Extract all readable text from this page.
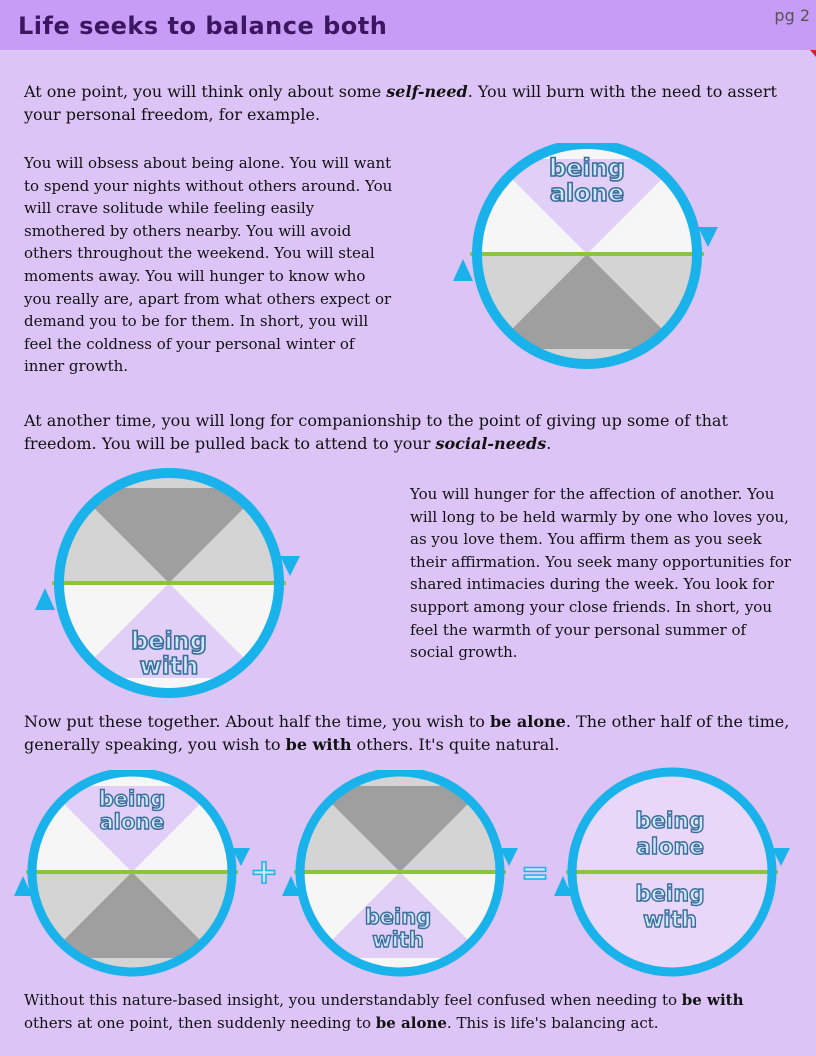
Life seeks to balance both	pg 2
At one point, you will think only about some self-need. You will burn with the need to assert your personal freedom, for example.
You will obsess about being alone. You will want to spend your nights without others around. You will crave solitude while feeling easily smothered by others nearby. You will avoid others throughout the weekend. You will steal moments away. You will hunger to know who you really are, apart from what others expect or demand you to be for them. In short, you will feel the coldness of your personal winter of inner growth.
being
alone
At another time, you will long for companionship to the point of giving up some of that freedom. You will be pulled back to attend to your social-needs.
being
with
You will hunger for the affection of another. You will long to be held warmly by one who loves you, as you love them. You affirm them as you seek their affirmation. You seek many opportunities for shared intimacies during the week. You look for support among your close friends. In short, you feel the warmth of your personal summer of social growth.
Now put these together. About half the time, you wish to be alone. The other half of the time, generally speaking, you wish to be with others. It's quite natural.
being
alone
+
being
with
=
being
alone
being
with
Without this nature-based insight, you understandably feel confused when needing to be with others at one point, then suddenly needing to be alone. This is life's balancing act.
